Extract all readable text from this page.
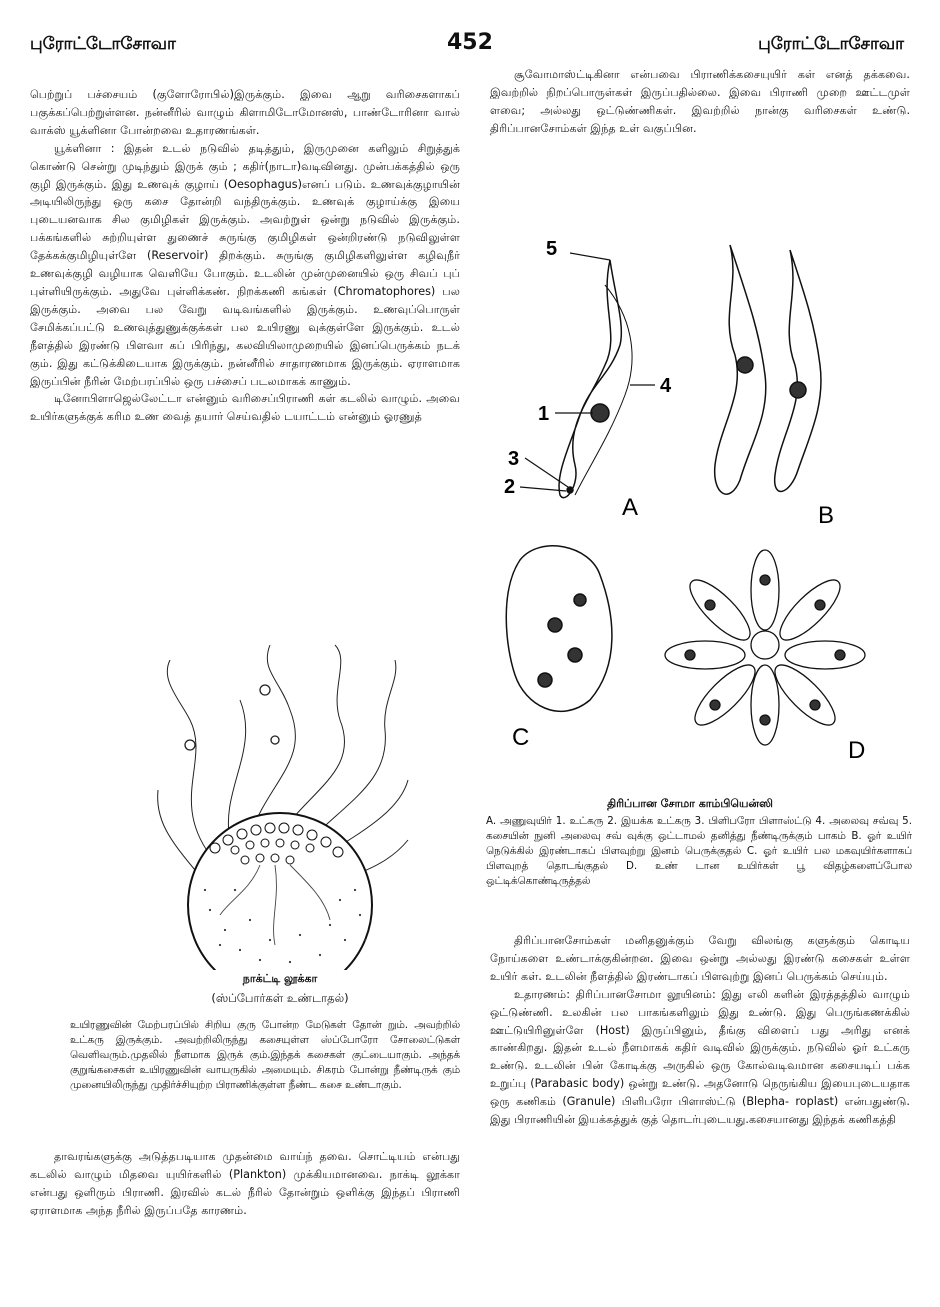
புரோட்டோசோவா	452	புரோட்டோசோவா

பெற்றுப் பச்சையம் (குளோரோபில்)இருக்கும். இவை ஆறு வரிசைகளாகப் பகுக்கப்பெற்றுள்ளன. நன்னீரில் வாழும் கிளாமிடோமோனஸ், பாண்டோரினா வால் வாக்ஸ் யூக்ளினா போன்றவை உதாரணங்கள்.

யூக்ளினா : இதன் உடல் நடுவில் தடித்தும், இருமுனை களிலும் சிறுத்துக் கொண்டு சென்று முடிந்தும் இருக் கும் ; கதிர்(நாடா)வடிவினது. முன்பக்கத்தில் ஒரு குழி இருக்கும். இது உணவுக் குழாய் (Oesophagus)எனப் படும். உணவுக்குழாயின் அடியிலிருந்து ஒரு கசை தோன்றி வந்திருக்கும். உணவுக் குழாய்க்கு இயை புடையனவாக சில குமிழிகள் இருக்கும். அவற்றுள் ஒன்று நடுவில் இருக்கும். பக்கங்களில் சுற்றியுள்ள துணைச் சுருங்கு குமிழிகள் ஒன்றிரண்டு நடுவிலுள்ள தேக்கக்குமிழியுள்ளே (Reservoir) திறக்கும். சுருங்கு குமிழிகளிலுள்ள கழிவுநீர் உணவுக்குழி வழியாக வெளியே போகும். உடலின் முன்முனையில் ஒரு சிவப் புப் புள்ளியிருக்கும். அதுவே புள்ளிக்கண். நிறக்கணி கங்கள் (Chromatophores) பல இருக்கும். அவை பல வேறு வடிவங்களில் இருக்கும். உணவுப்பொருள் சேமிக்கப்பட்டு உணவுத்துணுக்குக்கள் பல உயிரணு வுக்குள்ளே இருக்கும். உடல் நீளத்தில் இரண்டு பிளவா கப் பிரிந்து, கலவியிலாமுறையில் இனப்பெருக்கம் நடக் கும். இது கட்டுக்கிடையாக இருக்கும். நன்னீரில் சாதாரணமாக இருக்கும். ஏராளமாக இருப்பின் நீரின் மேற்பரப்பில் ஒரு பச்சைப் படலமாகக் காணும்.

டினோபிளாஜெல்லேட்டா என்னும் வரிசைப்பிராணி கள் கடலில் வாழும். அவை உயிர்களுக்குக் கரிம உண வைத் தயார் செய்வதில் டயாட்டம் என்னும் ஓரணுத்

நாக்ட்டி லூக்கா
(ஸ்ப்போர்கள் உண்டாதல்)
உயிரணுவின் மேற்பரப்பில் சிறிய குரு போன்ற மேடுகள் தோன் றும். அவற்றில் உட்கரு இருக்கும். அவற்றிலிருந்து கசையுள்ள ஸ்ப்போரோ சோலைட்டுகள் வெளிவரும்.முதலில் நீளமாக இருக் கும்.இந்தக் கசைகள் குட்டையாகும். அந்தக் குறுங்கசைகள் உயிரணுவின் வாயருகில் அமையும். சிகரம் போன்று நீண்டிருக் கும் முனையிலிருந்து முதிர்ச்சியுற்ற பிராணிக்குள்ள நீண்ட கசை உண்டாகும்.

தாவரங்களுக்கு அடுத்தபடியாக முதன்மை வாய்ந் தவை. சொட்டியம் என்பது கடலில் வாழும் மிதவை யுயிர்களில் (Plankton) முக்கியமானவை. நாக்டி லூக்கா என்பது ஒளிரும் பிராணி. இரவில் கடல் நீரில் தோன்றும் ஒளிக்கு இந்தப் பிராணி ஏராளமாக அந்த நீரில் இருப்பதே காரணம்.

சூவோமாஸ்ட்டிகினா என்பவை பிராணிக்கசையுயிர் கள் எனத் தக்கவை. இவற்றில் நிறப்பொருள்கள் இருப்பதில்லை. இவை பிராணி முறை ஊட்டமுள் ளவை; அல்லது ஒட்டுண்ணிகள். இவற்றில் நான்கு வரிசைகள் உண்டு. திரிப்பானசோம்கள் இந்த உள் வகுப்பின.

5
4
1
3
2
A	B
C	D
திரிப்பான சோமா காம்பியென்ஸி
A. அணுவுயிர் 1. உட்கரு 2. இயக்க உட்கரு 3. பிளிபரோ பிளாஸ்ட்டு 4. அலைவு சவ்வு 5. கசையின் நுனி அலைவு சவ் வுக்கு ஒட்டாமல் தனித்து நீண்டிருக்கும் பாகம் B. ஓர் உயிர் நெடுக்கில் இரண்டாகப் பிளவுற்று இனம் பெருக்குதல் C. ஓர் உயிர் பல மகவுயிர்களாகப் பிளவுறத் தொடங்குதல் D. உண் டான உயிர்கள் பூ விதழ்களைப்போல ஒட்டிக்கொண்டிருத்தல்

திரிப்பானசோம்கள் மனிதனுக்கும் வேறு விலங்கு களுக்கும் கொடிய நோய்களை உண்டாக்குகின்றன. இவை ஒன்று அல்லது இரண்டு கசைகள் உள்ள உயிர் கள். உடலின் நீளத்தில் இரண்டாகப் பிளவுற்று இனப் பெருக்கம் செய்யும்.

உதாரணம்: திரிப்பானசோமா லூயினம்: இது எலி களின் இரத்தத்தில் வாழும் ஒட்டுண்ணி. உலகின் பல பாகங்களிலும் இது உண்டு. இது பெருங்கணக்கில் ஊட்டுயிரினுள்ளே (Host) இருப்பினும், தீங்கு விளைப் பது அரிது எனக் காண்கிறது. இதன் உடல் நீளமாகக் கதிர் வடிவில் இருக்கும். நடுவில் ஓர் உட்கரு உண்டு. உடலின் பின் கோடிக்கு அருகில் ஒரு கோல்வடிவமான கசையடிப் பக்க உறுப்பு (Parabasic body) ஒன்று உண்டு. அதனோடு நெருங்கிய இயைபுடையதாக ஒரு கணிகம் (Granule) பிளிபரோ பிளாஸ்ட்டு (Blepha- roplast) என்பதுண்டு. இது பிராணியின் இயக்கத்துக் குத் தொடர்புடையது.கசையானது இந்தக் கணிகத்தி
